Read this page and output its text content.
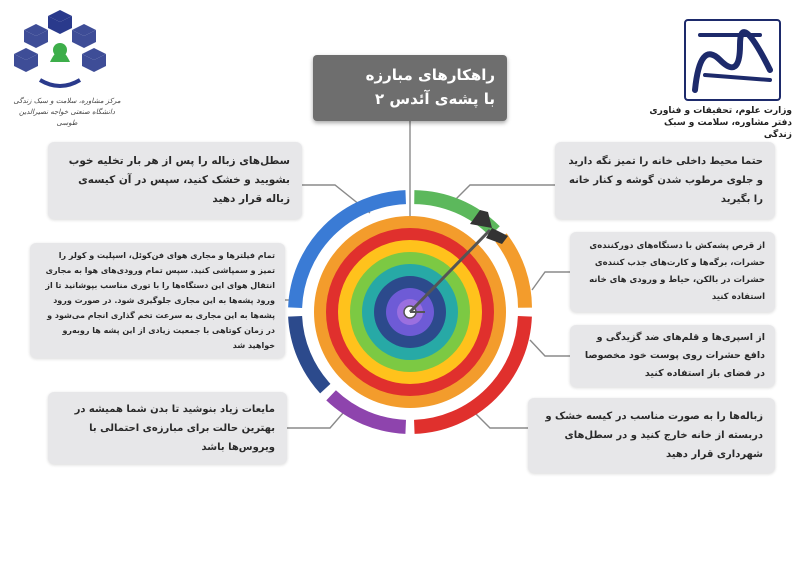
راهکارهای مبارزه
با پشه‌ی آئدس ۲
وزارت علوم، تحقیقات و فناوری
دفتر مشاوره، سلامت و سبک زندگی
مرکز مشاوره، سلامت و سبک زندگی
دانشگاه صنعتی خواجه نصیرالدین طوسی
سطل‌های زباله را پس از هر بار تخلیه خوب بشویید و خشک کنید، سپس در آن کیسه‌ی زباله قرار دهید
تمام فیلترها و مجاری هوای فن‌کوئل، اسپلیت و کولر را تمیز و سمپاشی کنید. سپس تمام ورودی‌های هوا به مجاری انتقال هوای این دستگاه‌ها را با توری مناسب بپوشانید تا از ورود پشه‌ها به این مجاری جلوگیری شود. در صورت ورود پشه‌ها به این مجاری به سرعت تخم گذاری انجام می‌شود و در زمان کوتاهی با جمعیت زیادی از این پشه ها روبه‌رو خواهید شد
مایعات زیاد بنوشید تا بدن شما همیشه در بهترین حالت برای مبارزه‌ی احتمالی با ویروس‌ها باشد
حتما محیط داخلی خانه را تمیز نگه دارید و جلوی مرطوب شدن گوشه و کنار خانه را بگیرید
از قرص پشه‌کش با دستگاه‌های دورکننده‌ی حشرات، برگه‌ها و کارت‌های جذب کننده‌ی حشرات در بالکن، حیاط و ورودی های خانه استفاده کنید
از اسپری‌ها و قلم‌های ضد گزیدگی و دافع حشرات روی پوست خود مخصوصا در فضای باز استفاده کنید
زباله‌ها را به صورت مناسب در کیسه خشک و دربسته از خانه خارج کنید و در سطل‌های شهرداری قرار دهید
